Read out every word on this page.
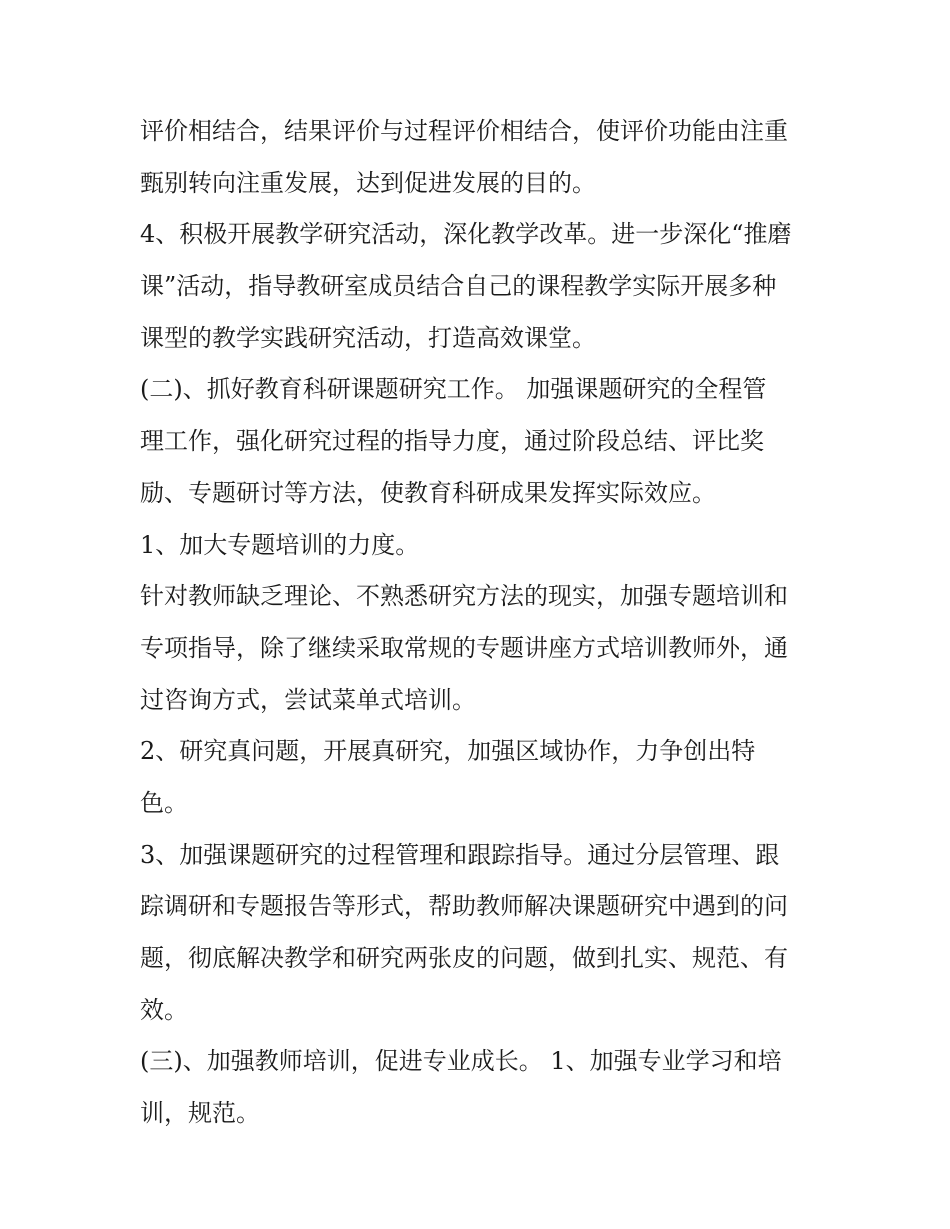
评价相结合，结果评价与过程评价相结合，使评价功能由注重
甄别转向注重发展，达到促进发展的目的。
4、积极开展教学研究活动，深化教学改革。进一步深化“推磨
课”活动，指导教研室成员结合自己的课程教学实际开展多种
课型的教学实践研究活动，打造高效课堂。
(二)、抓好教育科研课题研究工作。 加强课题研究的全程管
理工作，强化研究过程的指导力度，通过阶段总结、评比奖
励、专题研讨等方法，使教育科研成果发挥实际效应。
1、加大专题培训的力度。
针对教师缺乏理论、不熟悉研究方法的现实，加强专题培训和
专项指导，除了继续采取常规的专题讲座方式培训教师外，通
过咨询方式，尝试菜单式培训。
2、研究真问题，开展真研究，加强区域协作，力争创出特
色。
3、加强课题研究的过程管理和跟踪指导。通过分层管理、跟
踪调研和专题报告等形式，帮助教师解决课题研究中遇到的问
题，彻底解决教学和研究两张皮的问题，做到扎实、规范、有
效。
(三)、加强教师培训，促进专业成长。 1、加强专业学习和培
训，规范。
